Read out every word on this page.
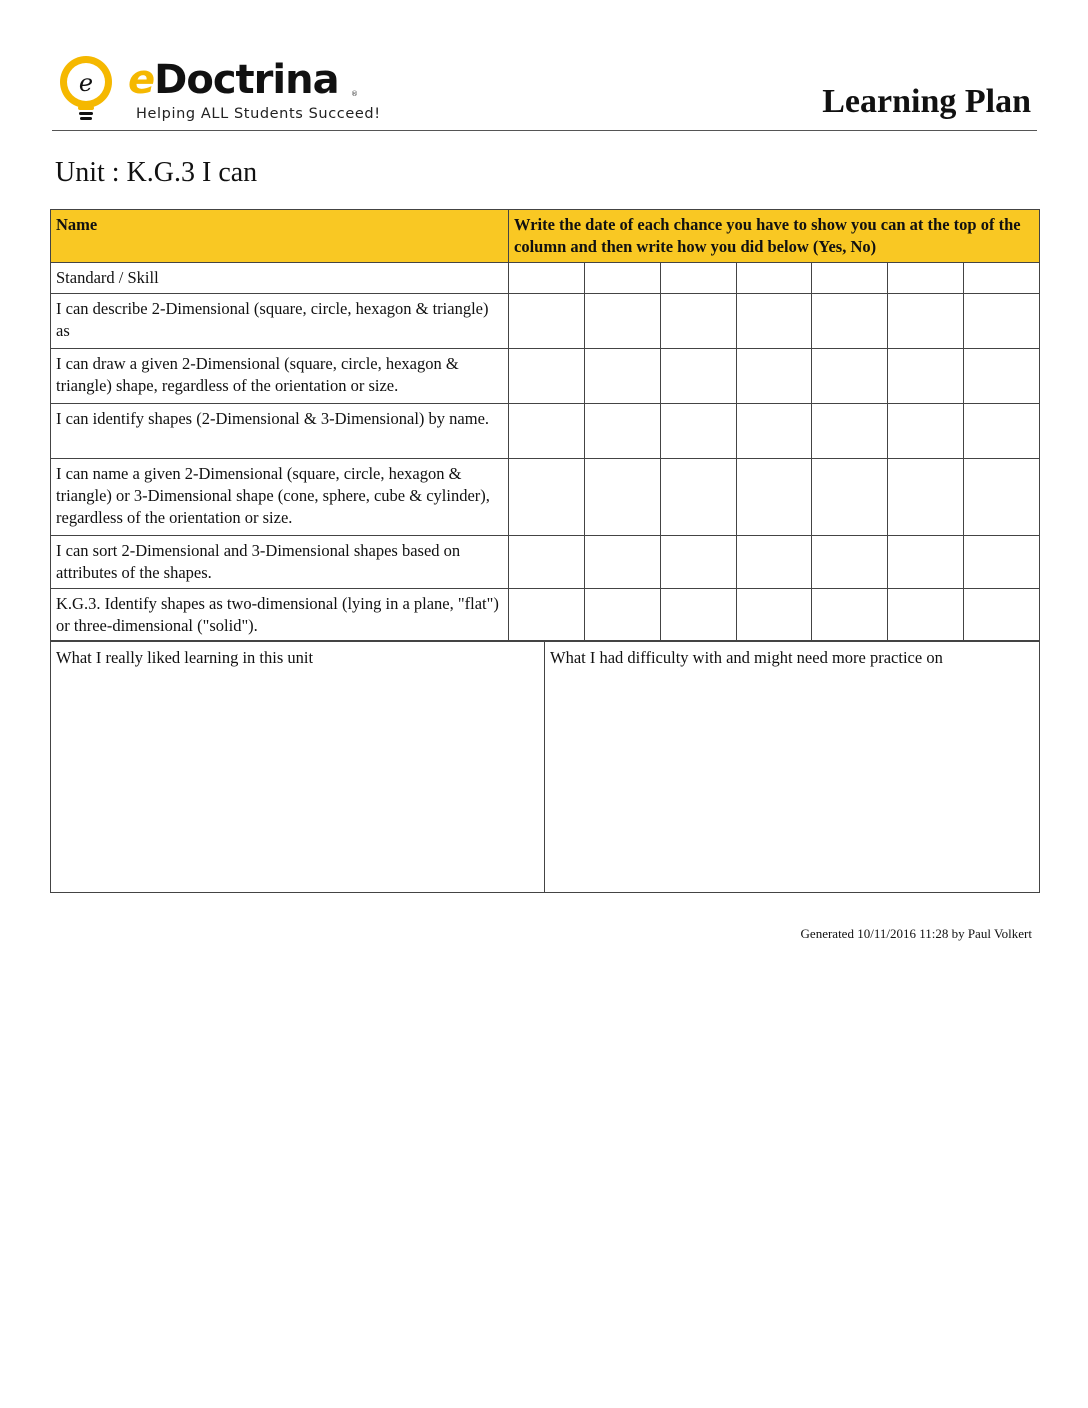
e eDoctrina ®
Helping ALL Students Succeed!	Learning Plan
Unit : K.G.3 I can
Name	Write the date of each chance you have to show you can at the top of the column and then write how you did below (Yes, No)						
Standard / Skill							
I can describe 2-Dimensional (square, circle, hexagon & triangle) as							
I can draw a given 2-Dimensional (square, circle, hexagon & triangle) shape, regardless of the orientation or size.							
I can identify shapes (2-Dimensional & 3-Dimensional) by name.							
I can name a given 2-Dimensional (square, circle, hexagon & triangle) or 3-Dimensional shape (cone, sphere, cube & cylinder), regardless of the orientation or size.							
I can sort 2-Dimensional and 3-Dimensional shapes based on attributes of the shapes.							
K.G.3. Identify shapes as two-dimensional (lying in a plane, "flat") or three-dimensional ("solid").							
What I really liked learning in this unit	What I had difficulty with and might need more practice on
Generated 10/11/2016 11:28 by Paul Volkert
